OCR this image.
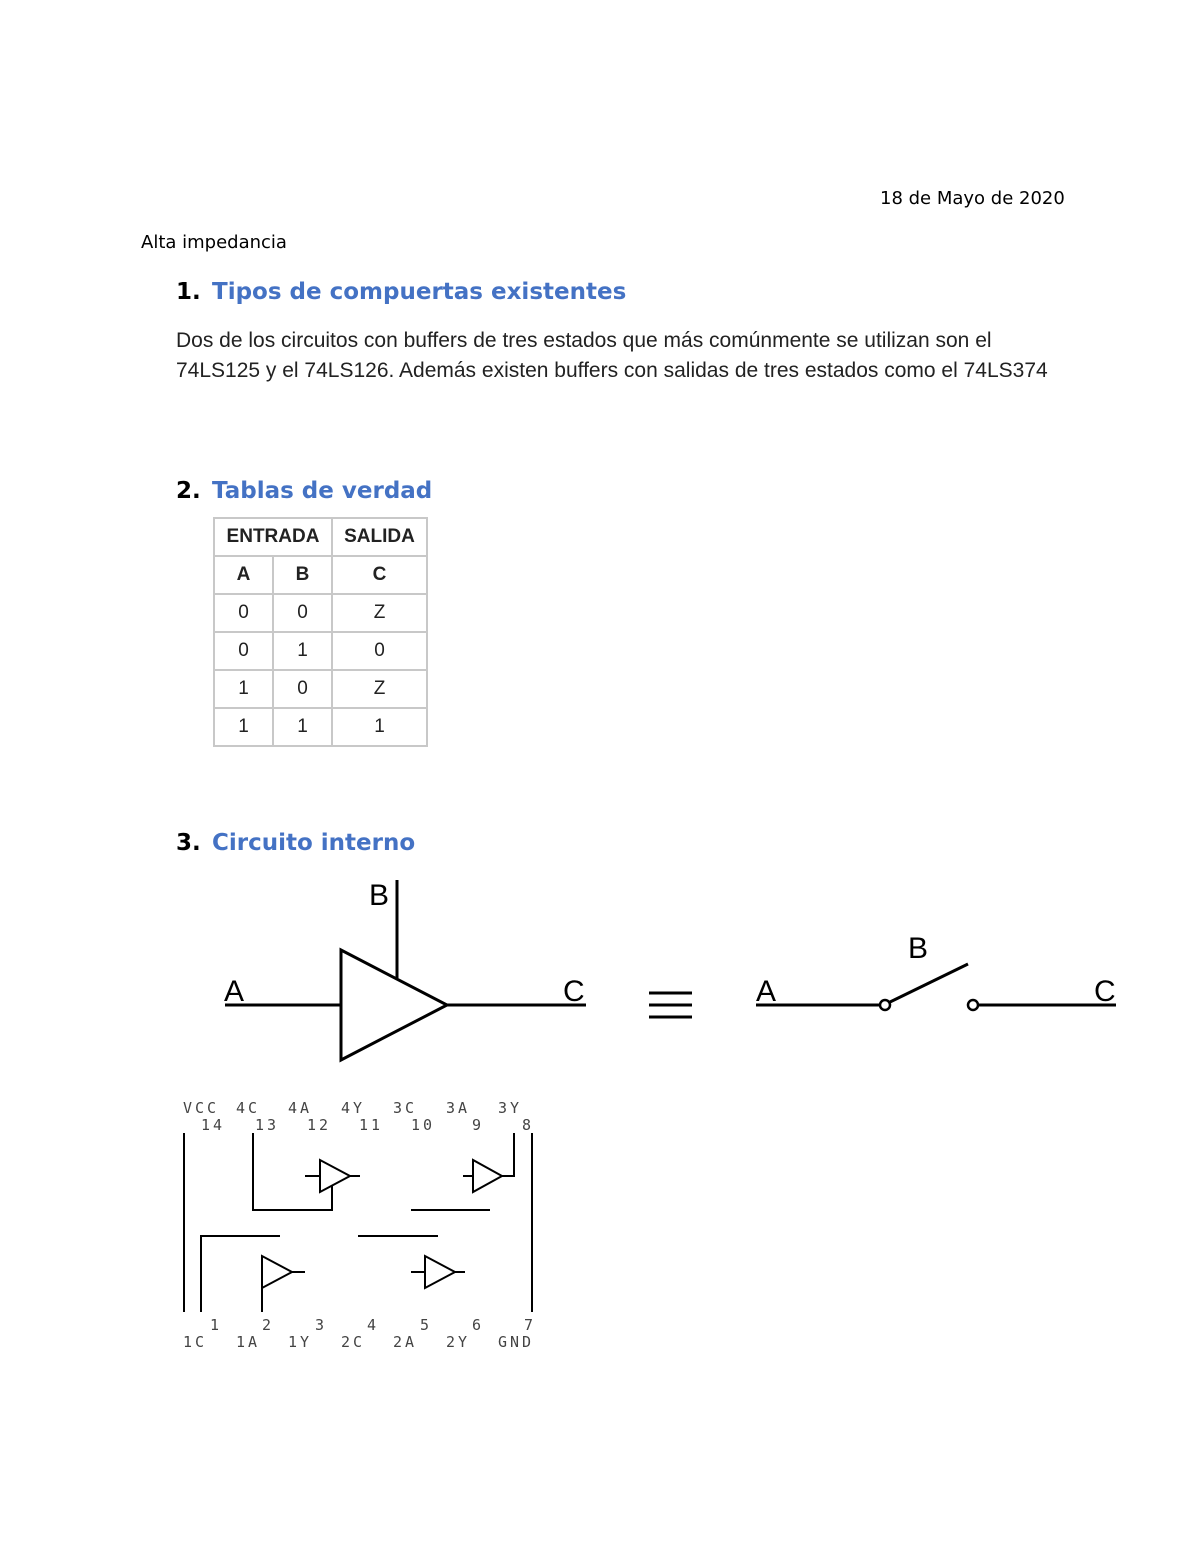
18 de Mayo de 2020
Alta impedancia
1. Tipos de compuertas existentes
Dos de los circuitos con buffers de tres estados que más comúnmente se utilizan son el 74LS125 y el 74LS126. Además existen buffers con salidas de tres estados como el 74LS374
2. Tablas de verdad
ENTRADA		SALIDA
A	B	C
0	0	Z
0	1	0
1	0	Z
1	1	1
3. Circuito interno
A
B
C	A
B
C
VCC 4C 4A 4Y 3C 3A 3Y
14 13 12 11 10 9	8
1	2	3	4	5	6	7
1C 1A 1Y 2C 2A 2Y GND
